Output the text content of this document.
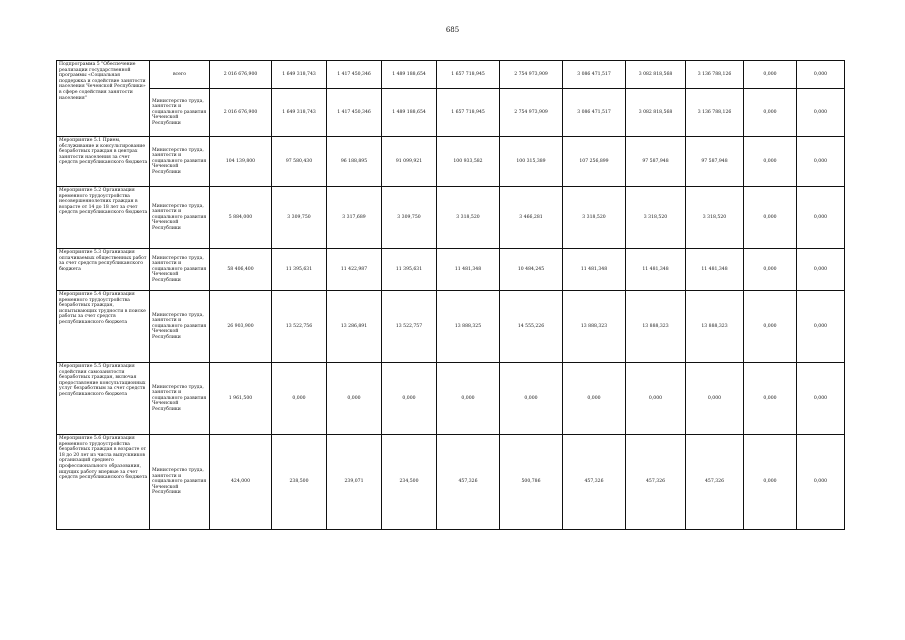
685
Подпрограмма 5 "Обеспечение реализации государственной программы «Социальная поддержка и содействие занятости населения Чеченской Республики» в сфере содействия занятости населения"	всего	2 016 676,900	1 649 318,743	1 417 450,346	1 489 188,654	1 657 718,945	2 754 973,909	3 086 471,517	3 082 818,568	3 136 788,126	0,000	0,000
	Министерство труда, занятости и социального развития Чеченской Республики	2 016 676,900	1 649 318,743	1 417 450,346	1 489 188,654	1 657 718,945	2 754 973,909	3 086 471,517	3 082 818,568	3 136 788,126	0,000	0,000
Мероприятие 5.1 Прием, обслуживание и консультирование безработных граждан в центрах занятости населения за счет средств республиканского бюджета	Министерство труда, занятости и социального развития Чеченской Республики	104 139,800	97 580,430	96 188,895	91 099,921	100 933,582	100 315,389	107 256,899	97 587,948	97 587,948	0,000	0,000
Мероприятие 5.2 Организация временного трудоустройства несовершеннолетних граждан в возрасте от 14 до 18 лет за счет средств республиканского бюджета	Министерство труда, занятости и социального развития Чеченской Республики	5 884,000	3 309,750	3 317,689	3 309,750	3 318,520	3 466,281	3 318,520	3 318,520	3 318,520	0,000	0,000
Мероприятие 5.3 Организация оплачиваемых общественных работ за счет средств республиканского бюджета	Министерство труда, занятости и социального развития Чеченской Республики	58 406,400	11 395,631	11 422,987	11 395,631	11 481,348	10 484,245	11 481,348	11 481,348	11 481,348	0,000	0,000
Мероприятие 5.4 Организация временного трудоустройства безработных граждан, испытывающих трудности в поиске работы за счет средств республиканского бюджета	Министерство труда, занятости и социального развития Чеченской Республики	26 903,900	13 522,756	13 286,891	13 522,757	13 888,325	14 555,226	13 888,323	13 888,323	13 888,323	0,000	0,000
Мероприятие 5.5 Организация содействия самозанятости безработных граждан, включая предоставление консультационных услуг безработным за счет средств республиканского бюджета	Министерство труда, занятости и социального развития Чеченской Республики	1 961,500	0,000	0,000	0,000	0,000	0,000	0,000	0,000	0,000	0,000	0,000
Мероприятие 5.6 Организация временного трудоустройства безработных граждан в возрасте от 18 до 20 лет из числа выпускников организаций среднего профессионального образования, ищущих работу впервые за счет средств республиканского бюджета	Министерство труда, занятости и социального развития Чеченской Республики	424,000	238,500	239,071	234,500	457,326	500,786	457,326	457,326	457,326	0,000	0,000
